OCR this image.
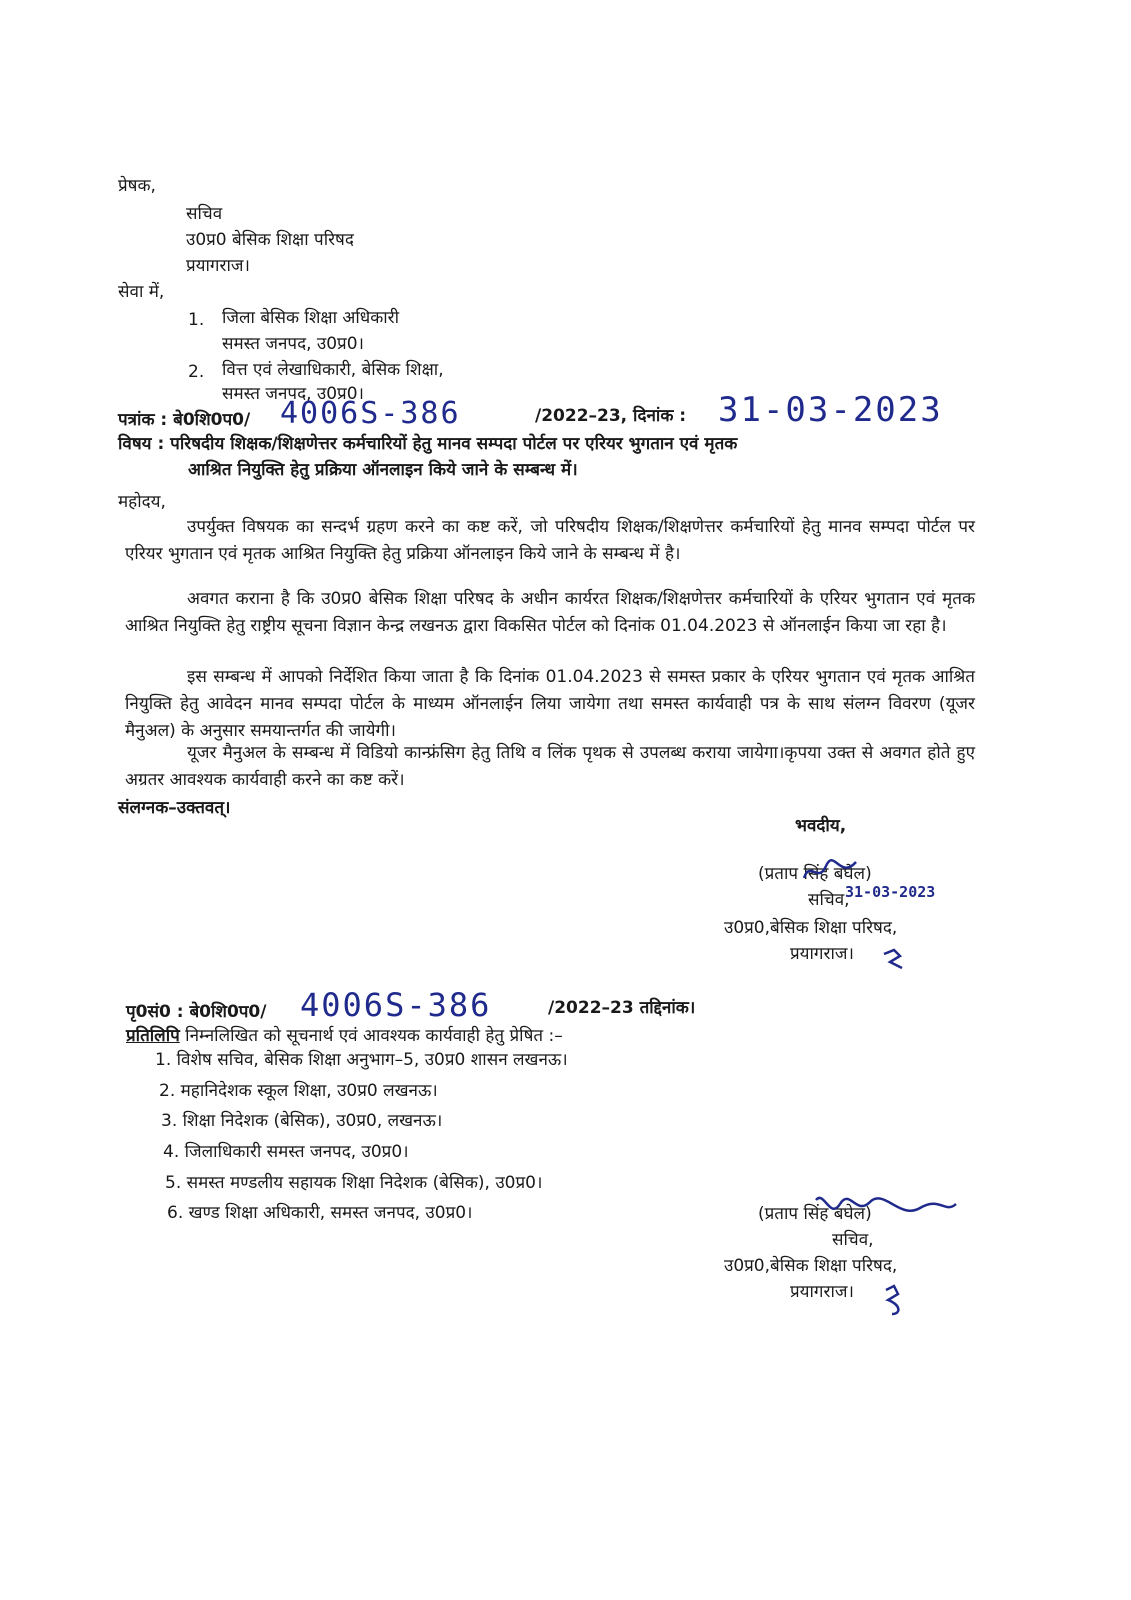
प्रेषक,
सचिव
उ0प्र0 बेसिक शिक्षा परिषद
प्रयागराज।
सेवा में,
1. जिला बेसिक शिक्षा अधिकारी
समस्त जनपद, उ0प्र0।
2. वित्त एवं लेखाधिकारी, बेसिक शिक्षा,
समस्त जनपद, उ0प्र0।
पत्रांक : बे0शि0प0/ 4006S-386	/2022–23, दिनांक : 31-03-2023
विषय : परिषदीय शिक्षक/शिक्षणेत्तर कर्मचारियों हेतु मानव सम्पदा पोर्टल पर एरियर भुगतान एवं मृतक
आश्रित नियुक्ति हेतु प्रक्रिया ऑनलाइन किये जाने के सम्बन्ध में।
महोदय,
उपर्युक्त विषयक का सन्दर्भ ग्रहण करने का कष्ट करें, जो परिषदीय शिक्षक/शिक्षणेत्तर कर्मचारियों हेतु मानव सम्पदा पोर्टल पर एरियर भुगतान एवं मृतक आश्रित नियुक्ति हेतु प्रक्रिया ऑनलाइन किये जाने के सम्बन्ध में है।
अवगत कराना है कि उ0प्र0 बेसिक शिक्षा परिषद के अधीन कार्यरत शिक्षक/शिक्षणेत्तर कर्मचारियों के एरियर भुगतान एवं मृतक आश्रित नियुक्ति हेतु राष्ट्रीय सूचना विज्ञान केन्द्र लखनऊ द्वारा विकसित पोर्टल को दिनांक 01.04.2023 से ऑनलाईन किया जा रहा है।
इस सम्बन्ध में आपको निर्देशित किया जाता है कि दिनांक 01.04.2023 से समस्त प्रकार के एरियर भुगतान एवं मृतक आश्रित नियुक्ति हेतु आवेदन मानव सम्पदा पोर्टल के माध्यम ऑनलाईन लिया जायेगा तथा समस्त कार्यवाही पत्र के साथ संलग्न विवरण (यूजर मैनुअल) के अनुसार समयान्तर्गत की जायेगी।
यूजर मैनुअल के सम्बन्ध में विडियो कान्फ्रंसिग हेतु तिथि व लिंक पृथक से उपलब्ध कराया जायेगा।कृपया उक्त से अवगत होते हुए अग्रतर आवश्यक कार्यवाही करने का कष्ट करें।
संलग्नक–उक्तवत्।
भवदीय,
(प्रताप सिंह बघेल)
31-03-2023
सचिव,
उ0प्र0,बेसिक शिक्षा परिषद,
प्रयागराज।
पृ0सं0 : बे0शि0प0/ 4006S-386	/2022–23 तद्दिनांक।
प्रतिलिपि निम्नलिखित को सूचनार्थ एवं आवश्यक कार्यवाही हेतु प्रेषित :–
1. विशेष सचिव, बेसिक शिक्षा अनुभाग–5, उ0प्र0 शासन लखनऊ।
2. महानिदेशक स्कूल शिक्षा, उ0प्र0 लखनऊ।
3. शिक्षा निदेशक (बेसिक), उ0प्र0, लखनऊ।
4. जिलाधिकारी समस्त जनपद, उ0प्र0।
5. समस्त मण्डलीय सहायक शिक्षा निदेशक (बेसिक), उ0प्र0।
6. खण्ड शिक्षा अधिकारी, समस्त जनपद, उ0प्र0।	(प्रताप सिंह बघेल)
सचिव,
उ0प्र0,बेसिक शिक्षा परिषद,
प्रयागराज।
